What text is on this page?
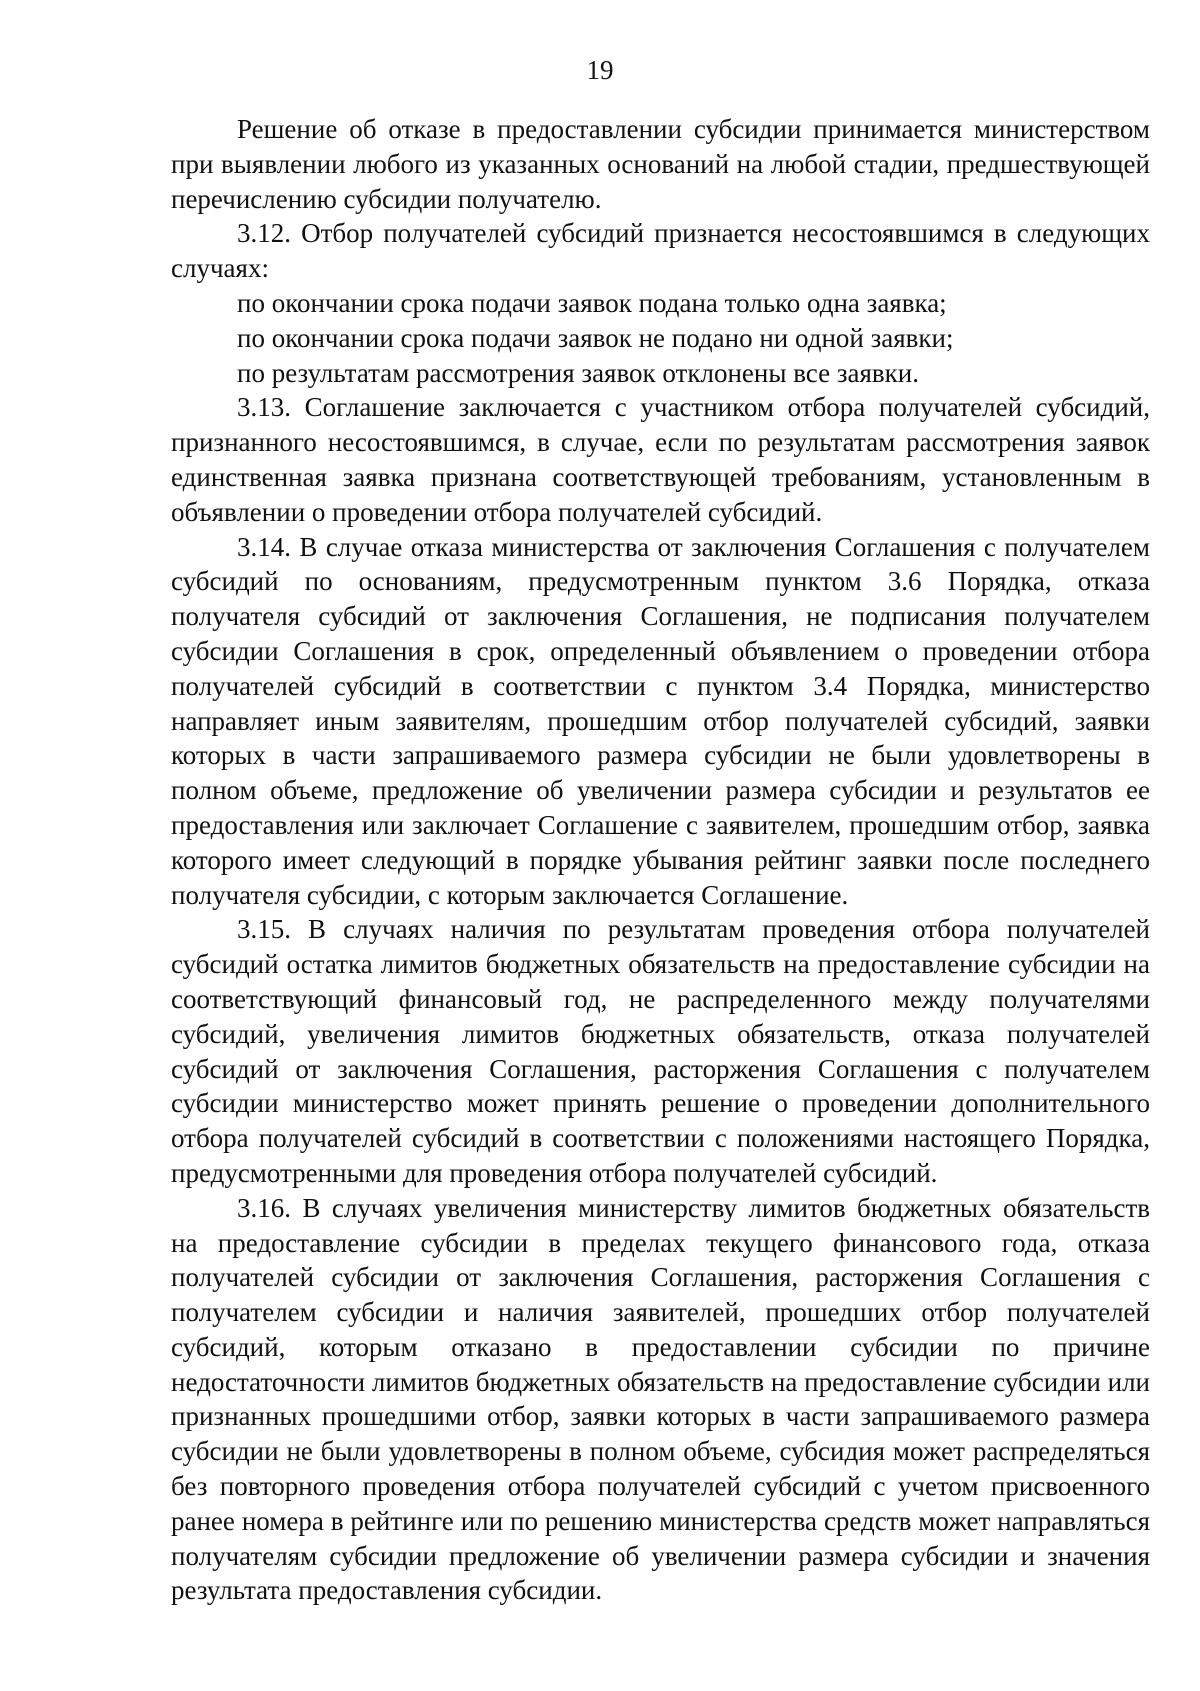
19

Решение об отказе в предоставлении субсидии принимается министерством при выявлении любого из указанных оснований на любой стадии, предшествующей перечислению субсидии получателю.

3.12. Отбор получателей субсидий признается несостоявшимся в следующих случаях:

по окончании срока подачи заявок подана только одна заявка;

по окончании срока подачи заявок не подано ни одной заявки;

по результатам рассмотрения заявок отклонены все заявки.

3.13. Соглашение заключается с участником отбора получателей субсидий, признанного несостоявшимся, в случае, если по результатам рассмотрения заявок единственная заявка признана соответствующей требованиям, установленным в объявлении о проведении отбора получателей субсидий.

3.14. В случае отказа министерства от заключения Соглашения с получателем субсидий по основаниям, предусмотренным пунктом 3.6 Порядка, отказа получателя субсидий от заключения Соглашения, не подписания получателем субсидии Соглашения в срок, определенный объявлением о проведении отбора получателей субсидий в соответствии с пунктом 3.4 Порядка, министерство направляет иным заявителям, прошедшим отбор получателей субсидий, заявки которых в части запрашиваемого размера субсидии не были удовлетворены в полном объеме, предложение об увеличении размера субсидии и результатов ее предоставления или заключает Соглашение с заявителем, прошедшим отбор, заявка которого имеет следующий в порядке убывания рейтинг заявки после последнего получателя субсидии, с которым заключается Соглашение.

3.15. В случаях наличия по результатам проведения отбора получателей субсидий остатка лимитов бюджетных обязательств на предоставление субсидии на соответствующий финансовый год, не распределенного между получателями субсидий, увеличения лимитов бюджетных обязательств, отказа получателей субсидий от заключения Соглашения, расторжения Соглашения с получателем субсидии министерство может принять решение о проведении дополнительного отбора получателей субсидий в соответствии с положениями настоящего Порядка, предусмотренными для проведения отбора получателей субсидий.

3.16. В случаях увеличения министерству лимитов бюджетных обязательств на предоставление субсидии в пределах текущего финансового года, отказа получателей субсидии от заключения Соглашения, расторжения Соглашения с получателем субсидии и наличия заявителей, прошедших отбор получателей субсидий, которым отказано в предоставлении субсидии по причине недостаточности лимитов бюджетных обязательств на предоставление субсидии или признанных прошедшими отбор, заявки которых в части запрашиваемого размера субсидии не были удовлетворены в полном объеме, субсидия может распределяться без повторного проведения отбора получателей субсидий с учетом присвоенного ранее номера в рейтинге или по решению министерства средств может направляться получателям субсидии предложение об увеличении размера субсидии и значения результата предоставления субсидии.
